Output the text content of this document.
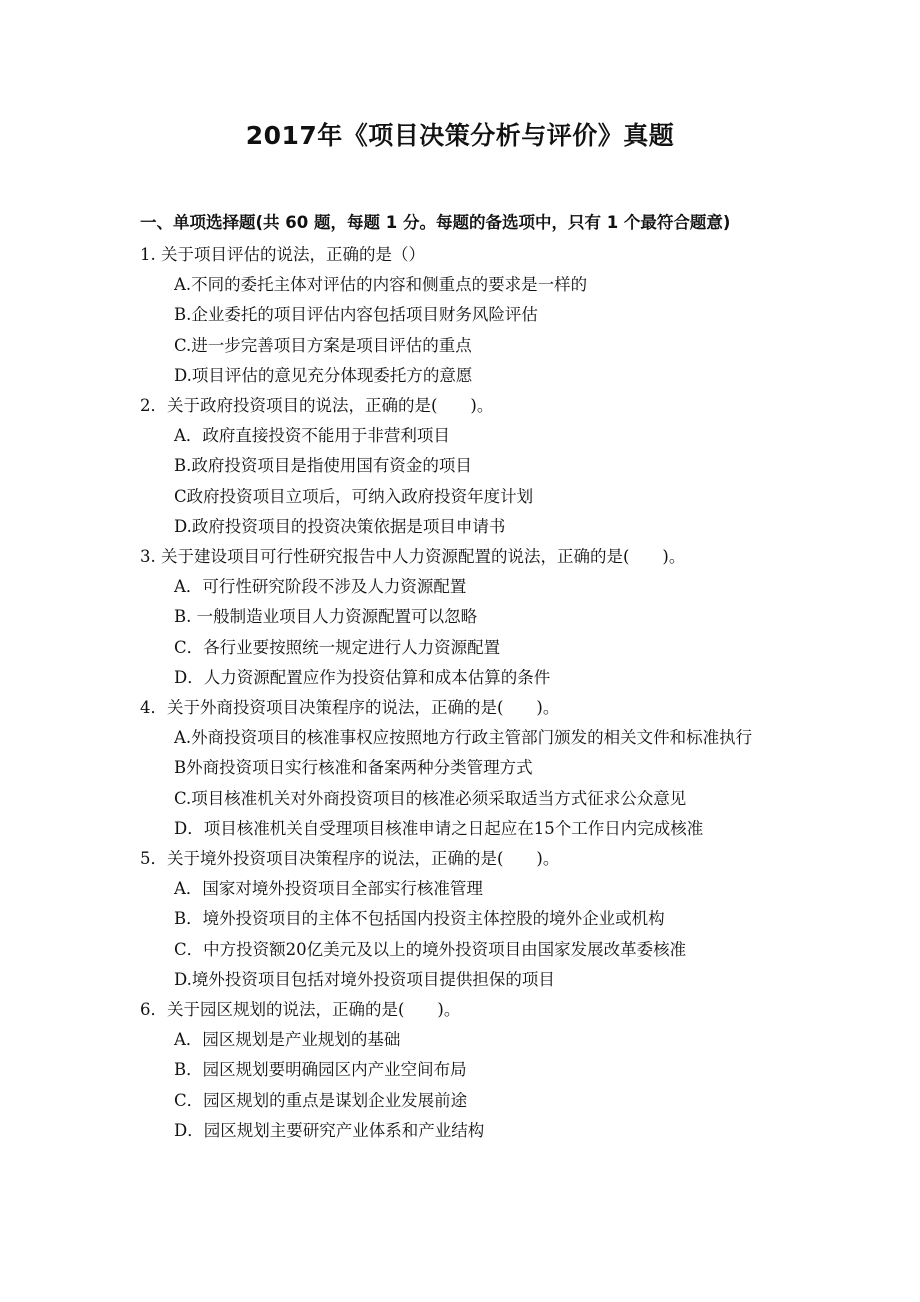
2017年《项目决策分析与评价》真题
一、单项选择题(共 60 题，每题 1 分。每题的备选项中，只有 1 个最符合题意)
1. 关于项目评估的说法，正确的是（）
A.不同的委托主体对评估的内容和侧重点的要求是一样的
B.企业委托的项目评估内容包括项目财务风险评估
C.进一步完善项目方案是项目评估的重点
D.项目评估的意见充分体现委托方的意愿
2．关于政府投资项目的说法，正确的是(　　)。
A．政府直接投资不能用于非营利项目
B.政府投资项目是指使用国有资金的项目
C政府投资项目立项后，可纳入政府投资年度计划
D.政府投资项目的投资决策依据是项目申请书
3. 关于建设项目可行性研究报告中人力资源配置的说法，正确的是(　　)。
A．可行性研究阶段不涉及人力资源配置
B. 一般制造业项目人力资源配置可以忽略
C．各行业要按照统一规定进行人力资源配置
D．人力资源配置应作为投资估算和成本估算的条件
4．关于外商投资项目决策程序的说法，正确的是(　　)。
A.外商投资项目的核准事权应按照地方行政主管部门颁发的相关文件和标准执行
B外商投资项日实行核准和备案两种分类管理方式
C.项目核准机关对外商投资项目的核准必须采取适当方式征求公众意见
D．项目核准机关自受理项目核准申请之日起应在15个工作日内完成核准
5．关于境外投资项目决策程序的说法，正确的是(　　)。
A．国家对境外投资项目全部实行核准管理
B．境外投资项目的主体不包括国内投资主体控股的境外企业或机构
C．中方投资额20亿美元及以上的境外投资项目由国家发展改革委核准
D.境外投资项目包括对境外投资项目提供担保的项目
6．关于园区规划的说法，正确的是(　　)。
A．园区规划是产业规划的基础
B．园区规划要明确园区内产业空间布局
C．园区规划的重点是谋划企业发展前途
D．园区规划主要研究产业体系和产业结构
